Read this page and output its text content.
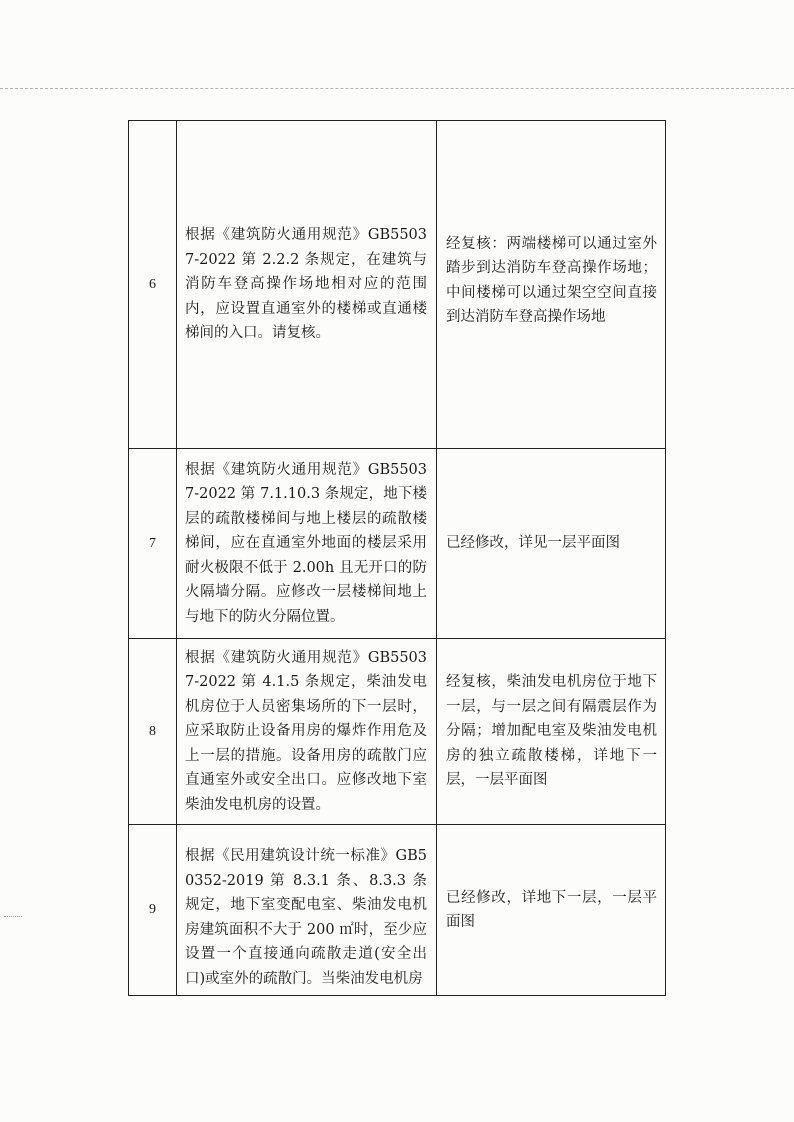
6	根据《建筑防火通用规范》GB55037-2022 第 2.2.2 条规定，在建筑与消防车登高操作场地相对应的范围内，应设置直通室外的楼梯或直通楼梯间的入口。请复核。	经复核：两端楼梯可以通过室外踏步到达消防车登高操作场地；中间楼梯可以通过架空空间直接到达消防车登高操作场地

7	根据《建筑防火通用规范》GB55037-2022 第 7.1.10.3 条规定，地下楼层的疏散楼梯间与地上楼层的疏散楼梯间，应在直通室外地面的楼层采用耐火极限不低于 2.00h 且无开口的防火隔墙分隔。应修改一层楼梯间地上与地下的防火分隔位置。	已经修改，详见一层平面图

8	根据《建筑防火通用规范》GB55037-2022 第 4.1.5 条规定，柴油发电机房位于人员密集场所的下一层时，应采取防止设备用房的爆炸作用危及上一层的措施。设备用房的疏散门应直通室外或安全出口。应修改地下室柴油发电机房的设置。	经复核，柴油发电机房位于地下一层，与一层之间有隔震层作为分隔；增加配电室及柴油发电机房的独立疏散楼梯，详地下一层，一层平面图

9	根据《民用建筑设计统一标准》GB50352-2019 第 8.3.1 条、8.3.3 条规定，地下室变配电室、柴油发电机房建筑面积不大于 200 ㎡时，至少应设置一个直接通向疏散走道(安全出口)或室外的疏散门。当柴油发电机房	已经修改，详地下一层，一层平面图
